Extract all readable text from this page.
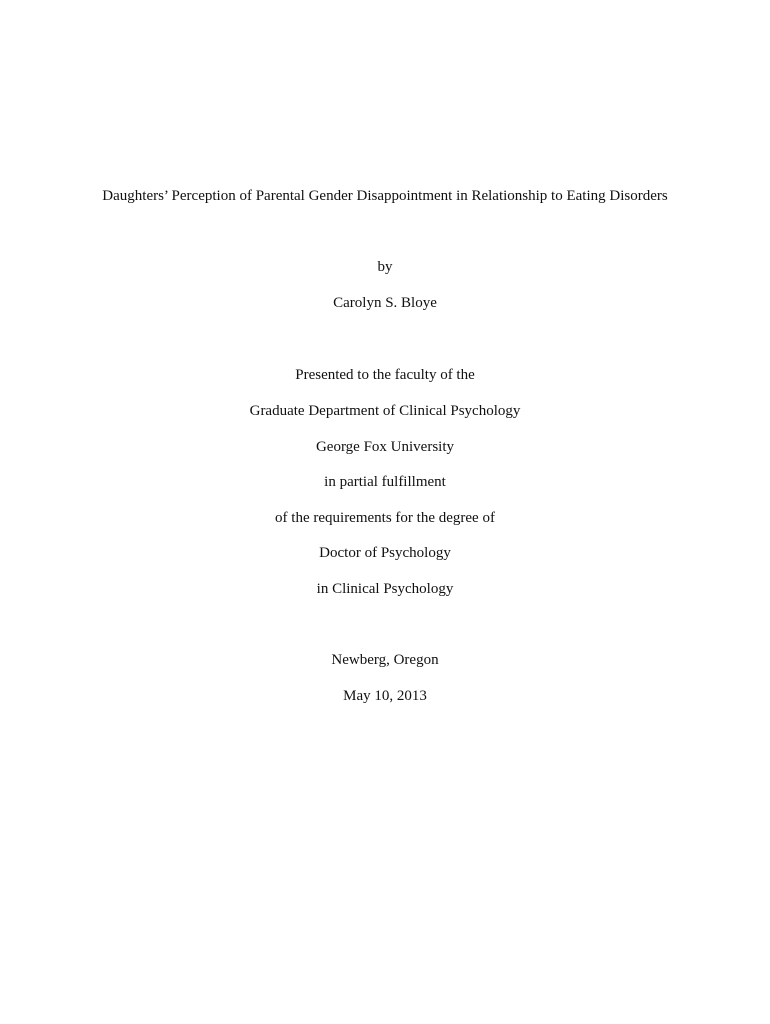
Daughters’ Perception of Parental Gender Disappointment in Relationship to Eating Disorders
by
Carolyn S. Bloye
Presented to the faculty of the
Graduate Department of Clinical Psychology
George Fox University
in partial fulfillment
of the requirements for the degree of
Doctor of Psychology
in Clinical Psychology
Newberg, Oregon
May 10, 2013
